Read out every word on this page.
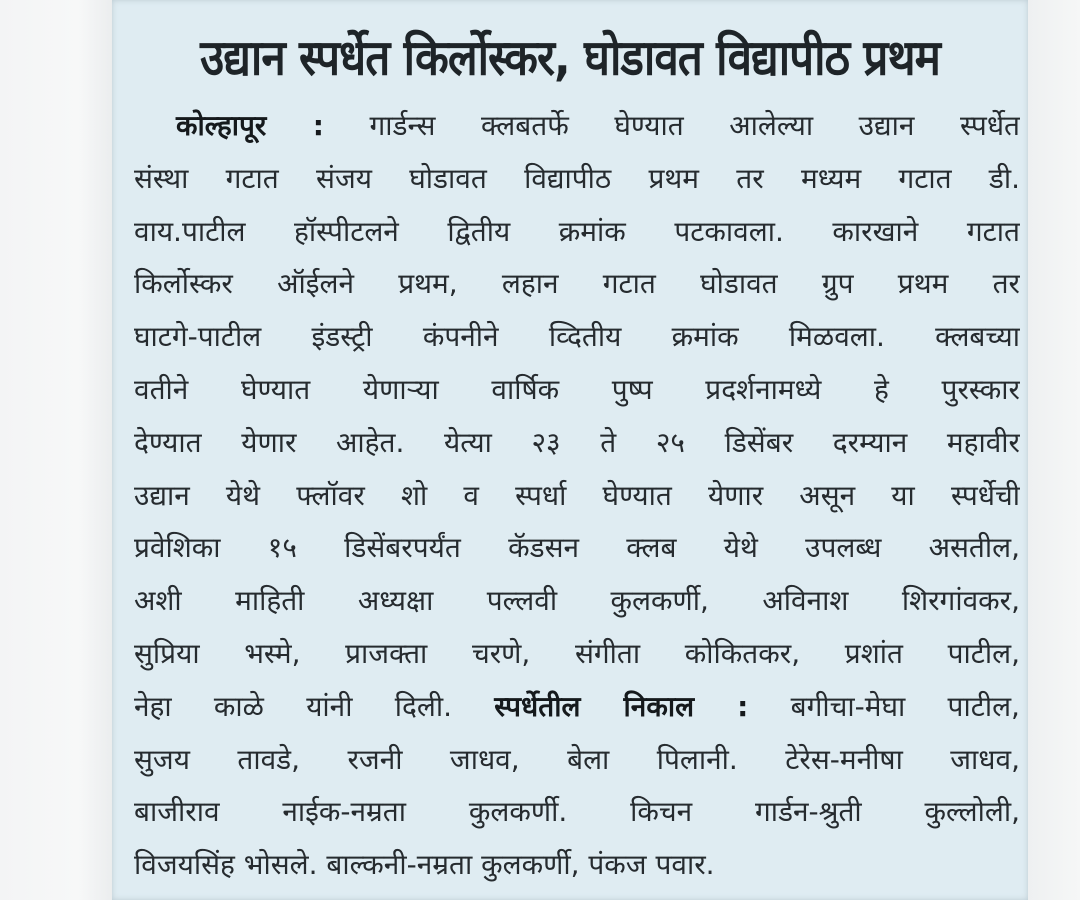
उद्यान स्पर्धेत किर्लोस्कर, घोडावत विद्यापीठ प्रथम
कोल्हापूर : गार्डन्स क्लबतर्फे घेण्यात आलेल्या उद्यान स्पर्धेत
संस्था गटात संजय घोडावत विद्यापीठ प्रथम तर मध्यम गटात डी.
वाय.पाटील हॉस्पीटलने द्वितीय क्रमांक पटकावला. कारखाने गटात
किर्लोस्कर ऑईलने प्रथम, लहान गटात घोडावत ग्रुप प्रथम तर
घाटगे-पाटील इंडस्ट्री कंपनीने व्दितीय क्रमांक मिळवला. क्लबच्या
वतीने घेण्यात येणाऱ्या वार्षिक पुष्प प्रदर्शनामध्ये हे पुरस्कार
देण्यात येणार आहेत. येत्या २३ ते २५ डिसेंबर दरम्यान महावीर
उद्यान येथे फ्लॉवर शो व स्पर्धा घेण्यात येणार असून या स्पर्धेची
प्रवेशिका १५ डिसेंबरपर्यंत कॅडसन क्लब येथे उपलब्ध असतील,
अशी माहिती अध्यक्षा पल्लवी कुलकर्णी, अविनाश शिरगांवकर,
सुप्रिया भस्मे, प्राजक्ता चरणे, संगीता कोकितकर, प्रशांत पाटील,
नेहा काळे यांनी दिली. स्पर्धेतील निकाल : बगीचा-मेघा पाटील,
सुजय तावडे, रजनी जाधव, बेला पिलानी. टेरेस-मनीषा जाधव,
बाजीराव नाईक-नम्रता कुलकर्णी. किचन गार्डन-श्रुती कुल्लोली,
विजयसिंह भोसले. बाल्कनी-नम्रता कुलकर्णी, पंकज पवार.
